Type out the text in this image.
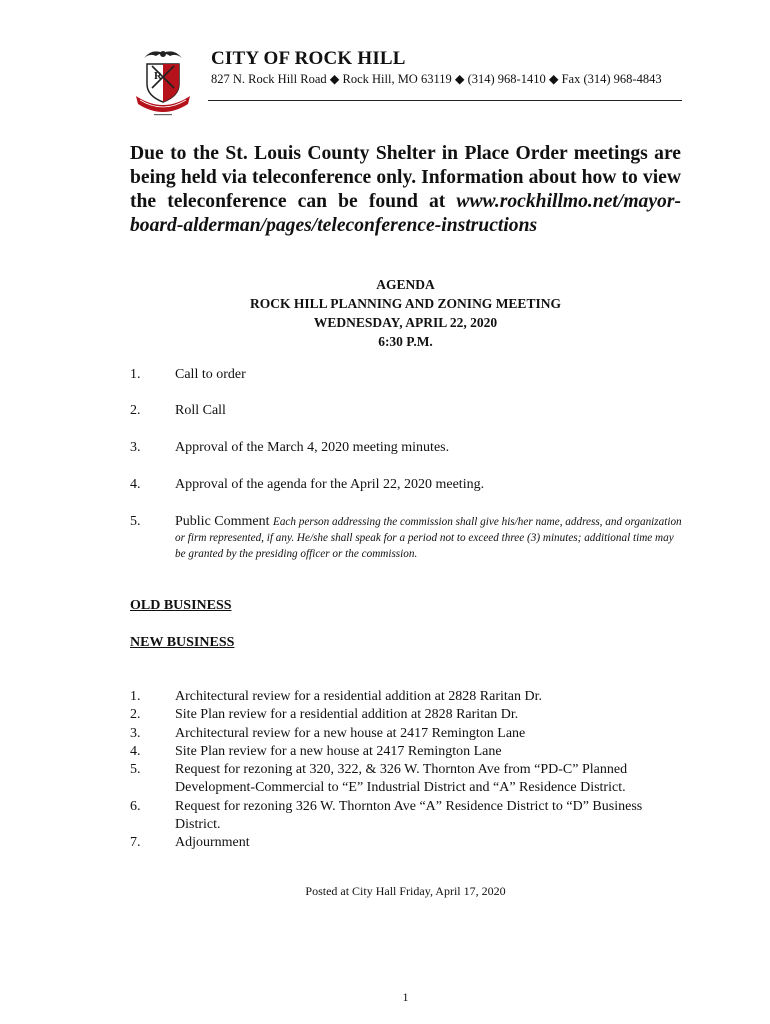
R
CITY OF ROCK HILL
827 N. Rock Hill Road ◆ Rock Hill, MO 63119 ◆ (314) 968-1410 ◆ Fax (314) 968-4843
Due to the St. Louis County Shelter in Place Order meetings are being held via teleconference only. Information about how to view the teleconference can be found at www.rockhillmo.net/mayor-board-alderman/pages/teleconference-instructions
AGENDA
ROCK HILL PLANNING AND ZONING MEETING
WEDNESDAY, APRIL 22, 2020
6:30 P.M.
1.	Call to order
2.	Roll Call
3.	Approval of the March 4, 2020 meeting minutes.
4.	Approval of the agenda for the April 22, 2020 meeting.
5.	Public Comment Each person addressing the commission shall give his/her name, address, and organization or firm represented, if any. He/she shall speak for a period not to exceed three (3) minutes; additional time may be granted by the presiding officer or the commission.
OLD BUSINESS
NEW BUSINESS
1.	Architectural review for a residential addition at 2828 Raritan Dr.
2.	Site Plan review for a residential addition at 2828 Raritan Dr.
3.	Architectural review for a new house at 2417 Remington Lane
4.	Site Plan review for a new house at 2417 Remington Lane
5.	Request for rezoning at 320, 322, & 326 W. Thornton Ave from “PD-C” Planned Development-Commercial to “E” Industrial District and “A” Residence District.
6.	Request for rezoning 326 W. Thornton Ave “A” Residence District to “D” Business District.
7.	Adjournment
Posted at City Hall Friday, April 17, 2020
1
